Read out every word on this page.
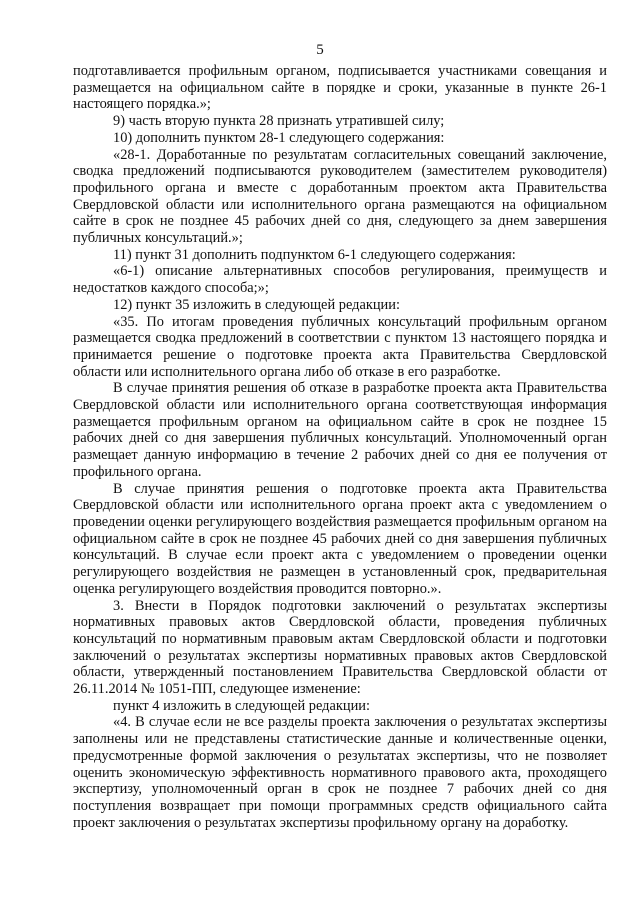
5

подготавливается профильным органом, подписывается участниками совещания и размещается на официальном сайте в порядке и сроки, указанные в пункте 26-1 настоящего порядка.»;

9) часть вторую пункта 28 признать утратившей силу;

10) дополнить пунктом 28-1 следующего содержания:

«28-1. Доработанные по результатам согласительных совещаний заключение, сводка предложений подписываются руководителем (заместителем руководителя) профильного органа и вместе с доработанным проектом акта Правительства Свердловской области или исполнительного органа размещаются на официальном сайте в срок не позднее 45 рабочих дней со дня, следующего за днем завершения публичных консультаций.»;

11) пункт 31 дополнить подпунктом 6-1 следующего содержания:

«6-1) описание альтернативных способов регулирования, преимуществ и недостатков каждого способа;»;

12) пункт 35 изложить в следующей редакции:

«35. По итогам проведения публичных консультаций профильным органом размещается сводка предложений в соответствии с пунктом 13 настоящего порядка и принимается решение о подготовке проекта акта Правительства Свердловской области или исполнительного органа либо об отказе в его разработке.

В случае принятия решения об отказе в разработке проекта акта Правительства Свердловской области или исполнительного органа соответствующая информация размещается профильным органом на официальном сайте в срок не позднее 15 рабочих дней со дня завершения публичных консультаций. Уполномоченный орган размещает данную информацию в течение 2 рабочих дней со дня ее получения от профильного органа.

В случае принятия решения о подготовке проекта акта Правительства Свердловской области или исполнительного органа проект акта с уведомлением о проведении оценки регулирующего воздействия размещается профильным органом на официальном сайте в срок не позднее 45 рабочих дней со дня завершения публичных консультаций. В случае если проект акта с уведомлением о проведении оценки регулирующего воздействия не размещен в установленный срок, предварительная оценка регулирующего воздействия проводится повторно.».

3. Внести в Порядок подготовки заключений о результатах экспертизы нормативных правовых актов Свердловской области, проведения публичных консультаций по нормативным правовым актам Свердловской области и подготовки заключений о результатах экспертизы нормативных правовых актов Свердловской области, утвержденный постановлением Правительства Свердловской области от 26.11.2014 № 1051-ПП, следующее изменение:

пункт 4 изложить в следующей редакции:

«4. В случае если не все разделы проекта заключения о результатах экспертизы заполнены или не представлены статистические данные и количественные оценки, предусмотренные формой заключения о результатах экспертизы, что не позволяет оценить экономическую эффективность нормативного правового акта, проходящего экспертизу, уполномоченный орган в срок не позднее 7 рабочих дней со дня поступления возвращает при помощи программных средств официального сайта проект заключения о результатах экспертизы профильному органу на доработку.
